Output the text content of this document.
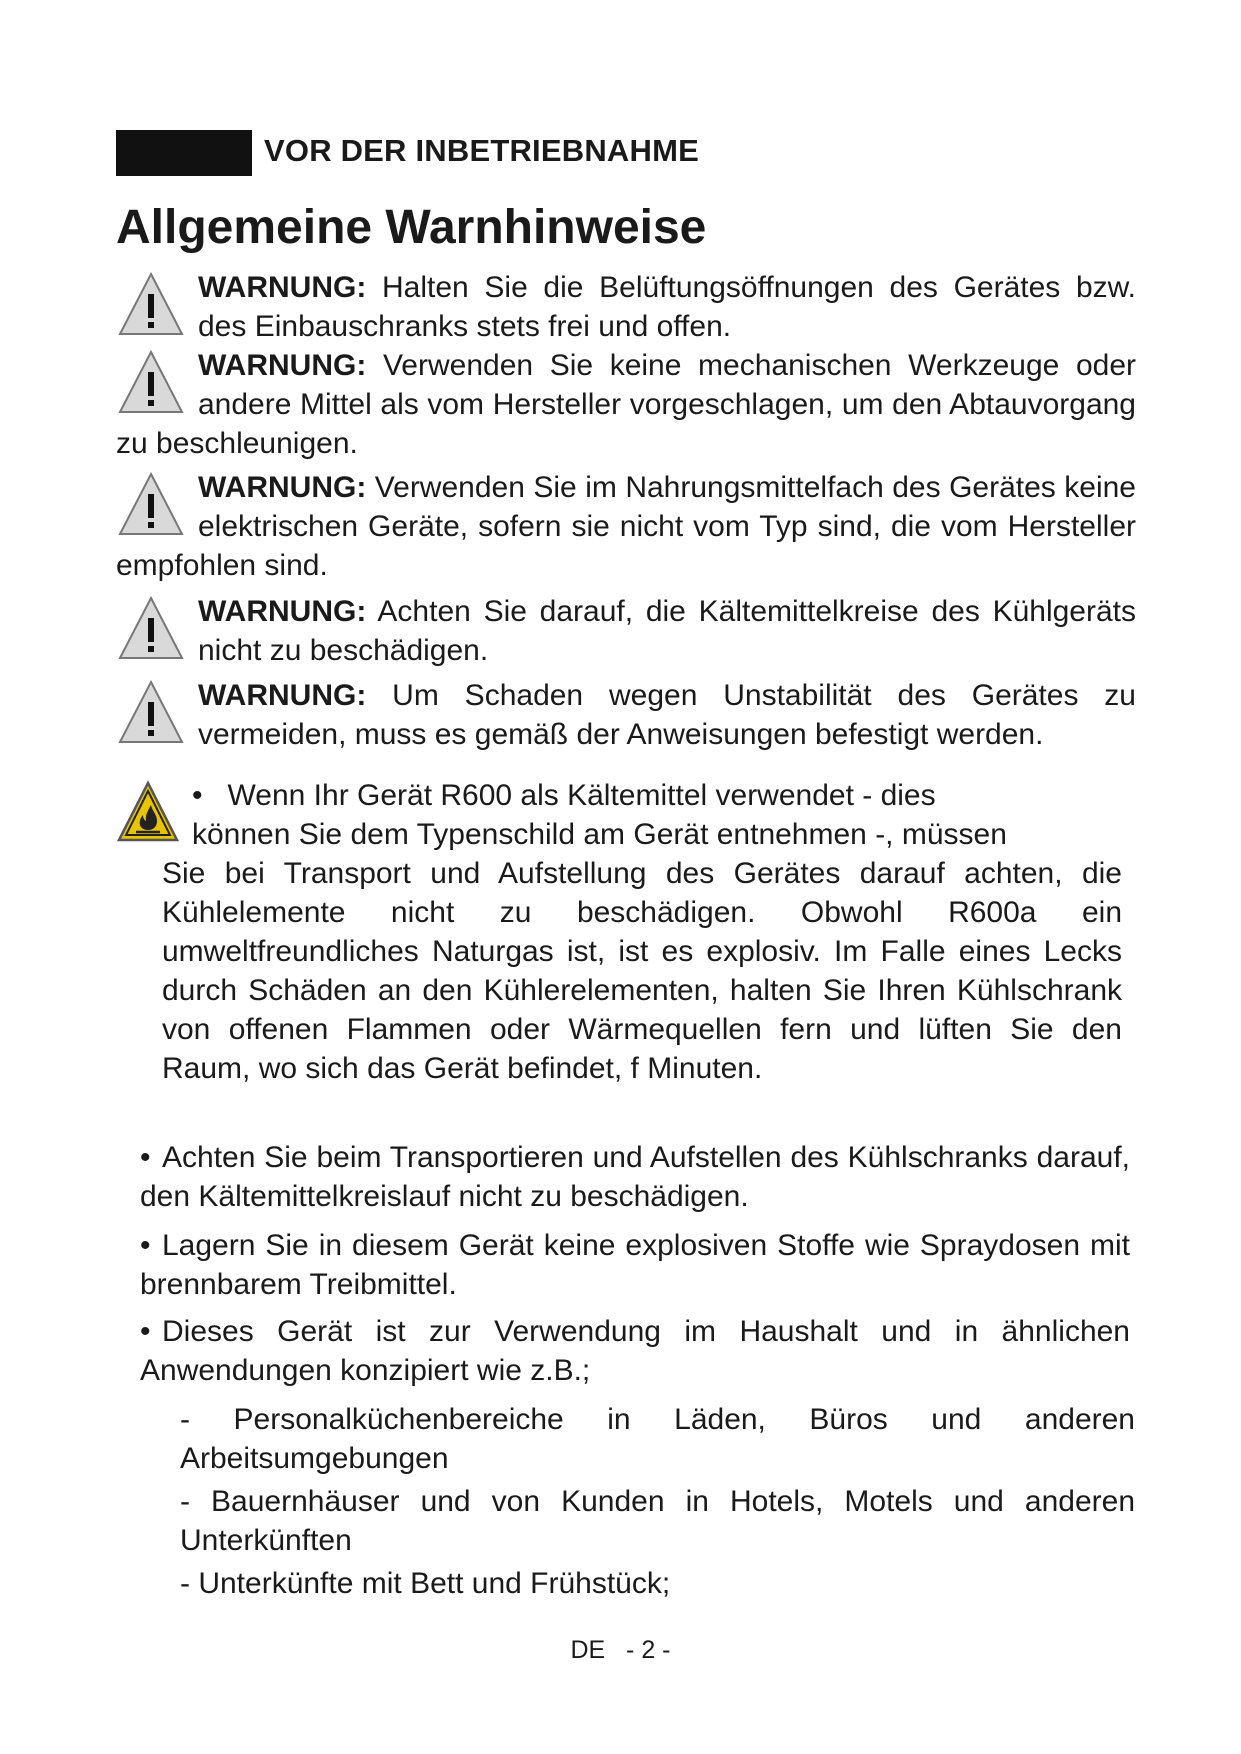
VOR DER INBETRIEBNAHME
Allgemeine Warnhinweise
WARNUNG: Halten Sie die Belüftungsöffnungen des Gerätes bzw. des Einbauschranks stets frei und offen.
WARNUNG: Verwenden Sie keine mechanischen Werkzeuge oder andere Mittel als vom Hersteller vorgeschlagen, um den Abtauvorgang zu beschleunigen.
WARNUNG: Verwenden Sie im Nahrungsmittelfach des Gerätes keine elektrischen Geräte, sofern sie nicht vom Typ sind, die vom Hersteller empfohlen sind.
WARNUNG: Achten Sie darauf, die Kältemittelkreise des Kühlgeräts nicht zu beschädigen.
WARNUNG: Um Schaden wegen Unstabilität des Gerätes zu vermeiden, muss es gemäß der Anweisungen befestigt werden.

•   Wenn Ihr Gerät R600 als Kältemittel verwendet - dies

können Sie dem Typenschild am Gerät entnehmen -, müssen

Sie bei Transport und Aufstellung des Gerätes darauf achten, die Kühlelemente nicht zu beschädigen. Obwohl R600a ein umweltfreundliches Naturgas ist, ist es explosiv. Im Falle eines Lecks durch Schäden an den Kühlerelementen, halten Sie Ihren Kühlschrank von offenen Flammen oder Wärmequellen fern und lüften Sie den Raum, wo sich das Gerät befindet, f Minuten.

• Achten Sie beim Transportieren und Aufstellen des Kühlschranks darauf, den Kältemittelkreislauf nicht zu beschädigen.
• Lagern Sie in diesem Gerät keine explosiven Stoffe wie Spraydosen mit brennbarem Treibmittel.
• Dieses Gerät ist zur Verwendung im Haushalt und in ähnlichen Anwendungen konzipiert wie z.B.;
- Personalküchenbereiche in Läden, Büros und anderen Arbeitsumgebungen
- Bauernhäuser und von Kunden in Hotels, Motels und anderen Unterkünften
- Unterkünfte mit Bett und Frühstück;
DE   - 2 -
